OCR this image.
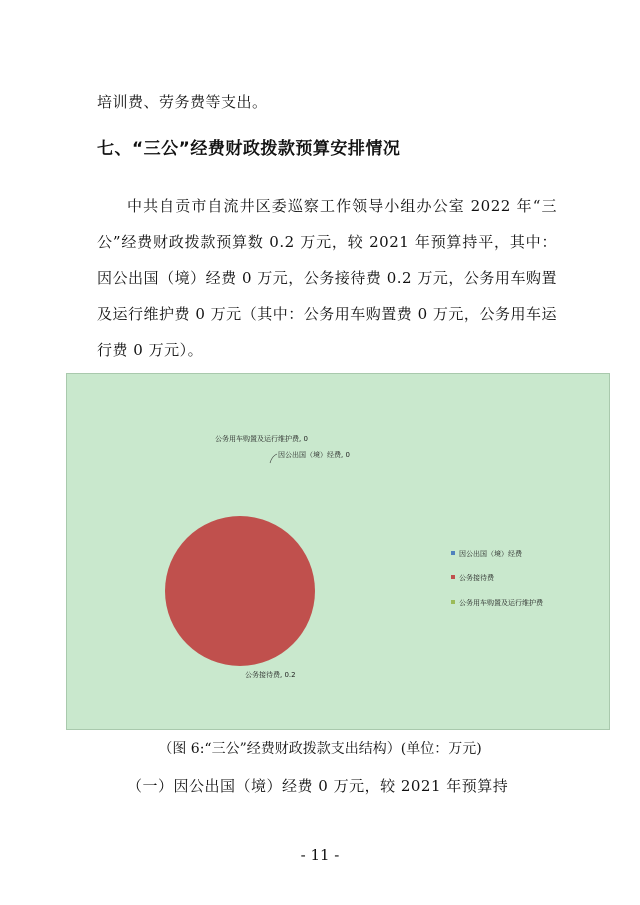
培训费、劳务费等支出。

七、“三公”经费财政拨款预算安排情况

中共自贡市自流井区委巡察工作领导小组办公室 2022 年“三公”经费财政拨款预算数 0.2 万元，较 2021 年预算持平，其中：因公出国（境）经费 0 万元，公务接待费 0.2 万元，公务用车购置及运行维护费 0 万元（其中：公务用车购置费 0 万元，公务用车运行费 0 万元）。

公务用车购置及运行维护费, 0
因公出国（境）经费, 0
公务接待费, 0.2
因公出国（境）经费
公务接待费
公务用车购置及运行维护费
（图 6:“三公”经费财政拨款支出结构）(单位：万元)

（一）因公出国（境）经费 0 万元，较 2021 年预算持

- 11 -
